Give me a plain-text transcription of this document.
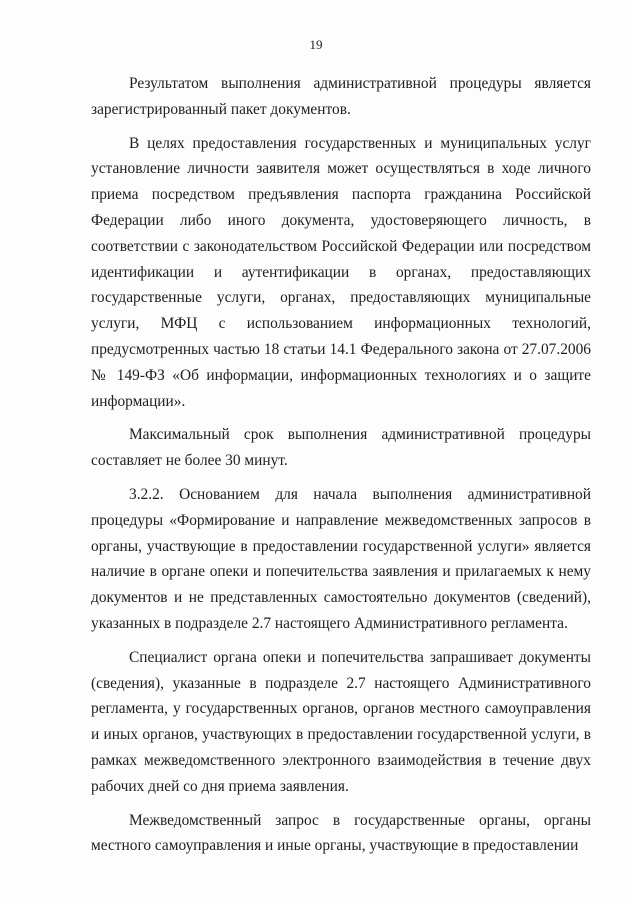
19

Результатом выполнения административной процедуры является зарегистрированный пакет документов.

В целях предоставления государственных и муниципальных услуг установление личности заявителя может осуществляться в ходе личного приема посредством предъявления паспорта гражданина Российской Федерации либо иного документа, удостоверяющего личность, в соответствии с законодательством Российской Федерации или посредством идентификации и аутентификации в органах, предоставляющих государственные услуги, органах, предоставляющих муниципальные услуги, МФЦ с использованием информационных технологий, предусмотренных частью 18 статьи 14.1 Федерального закона от 27.07.2006 № 149-ФЗ «Об информации, информационных технологиях и о защите информации».

Максимальный срок выполнения административной процедуры составляет не более 30 минут.

3.2.2. Основанием для начала выполнения административной процедуры «Формирование и направление межведомственных запросов в органы, участвующие в предоставлении государственной услуги» является наличие в органе опеки и попечительства заявления и прилагаемых к нему документов и не представленных самостоятельно документов (сведений), указанных в подразделе 2.7 настоящего Административного регламента.

Специалист органа опеки и попечительства запрашивает документы (сведения), указанные в подразделе 2.7 настоящего Административного регламента, у государственных органов, органов местного самоуправления и иных органов, участвующих в предоставлении государственной услуги, в рамках межведомственного электронного взаимодействия в течение двух рабочих дней со дня приема заявления.

Межведомственный запрос в государственные органы, органы местного самоуправления и иные органы, участвующие в предоставлении
